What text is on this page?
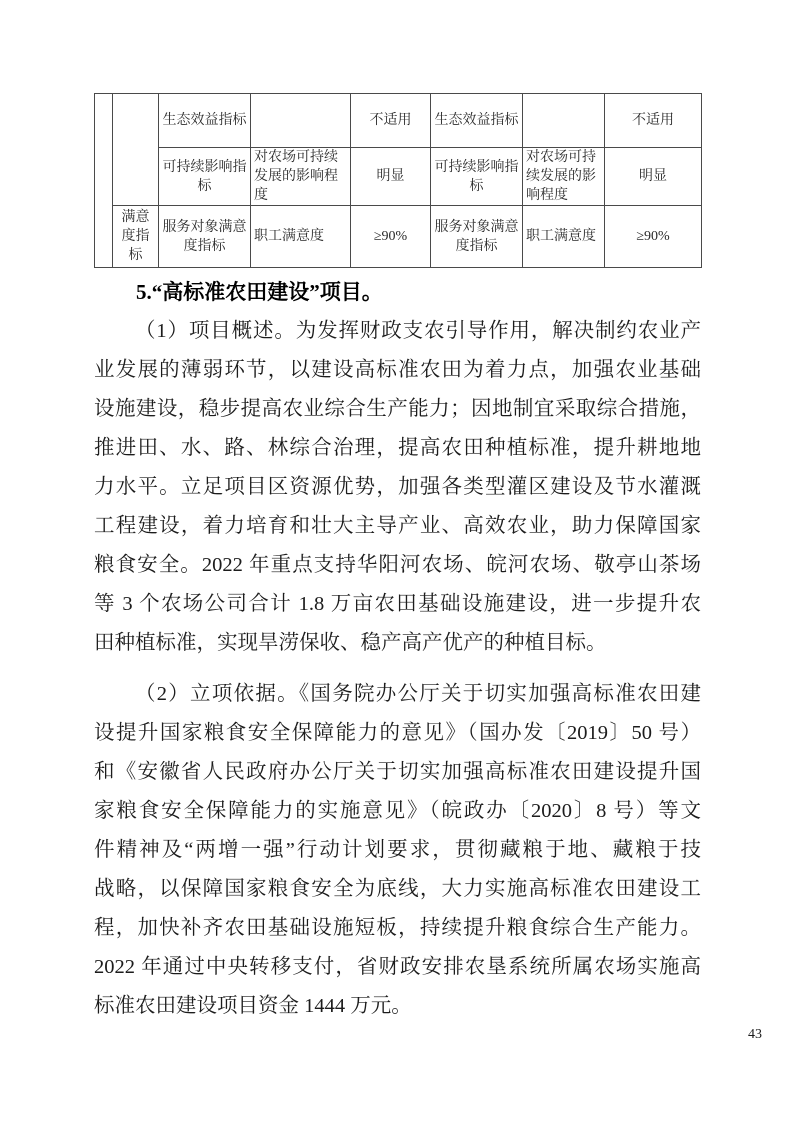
		生态效益指标		不适用	生态效益指标		不适用
		可持续影响指标	对农场可持续发展的影响程度	明显	可持续影响指标	对农场可持续发展的影响程度	明显
	满意度指标	服务对象满意度指标	职工满意度	≥90%	服务对象满意度指标	职工满意度	≥90%
5.“高标准农田建设”项目。
（1）项目概述。为发挥财政支农引导作用，解决制约农业产
业发展的薄弱环节，以建设高标准农田为着力点，加强农业基础
设施建设，稳步提高农业综合生产能力；因地制宜采取综合措施，
推进田、水、路、林综合治理，提高农田种植标准，提升耕地地
力水平。立足项目区资源优势，加强各类型灌区建设及节水灌溉
工程建设，着力培育和壮大主导产业、高效农业，助力保障国家
粮食安全。2022 年重点支持华阳河农场、皖河农场、敬亭山茶场
等 3 个农场公司合计 1.8 万亩农田基础设施建设，进一步提升农
田种植标准，实现旱涝保收、稳产高产优产的种植目标。
（2）立项依据。《国务院办公厅关于切实加强高标准农田建
设提升国家粮食安全保障能力的意见》（国办发〔2019〕50 号）
和《安徽省人民政府办公厅关于切实加强高标准农田建设提升国
家粮食安全保障能力的实施意见》（皖政办〔2020〕8 号）等文
件精神及“两增一强”行动计划要求，贯彻藏粮于地、藏粮于技
战略，以保障国家粮食安全为底线，大力实施高标准农田建设工
程，加快补齐农田基础设施短板，持续提升粮食综合生产能力。
2022 年通过中央转移支付，省财政安排农垦系统所属农场实施高
标准农田建设项目资金 1444 万元。
43
